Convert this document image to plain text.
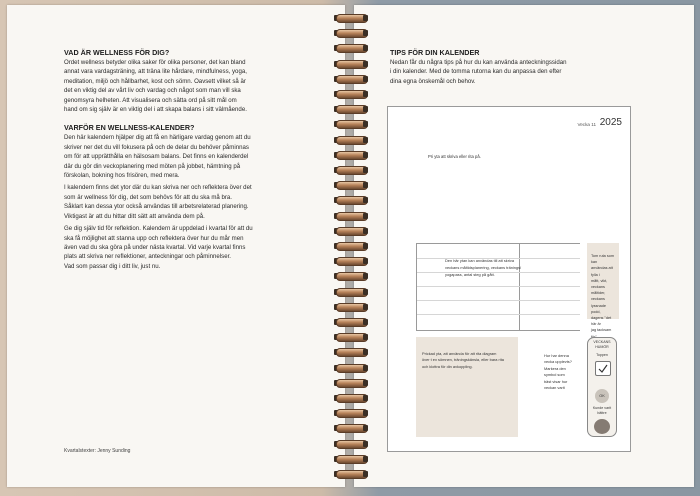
VAD ÄR WELLNESS FÖR DIG?

Ordet wellness betyder olika saker för olika personer, det kan bland
annat vara vardagsträning, att träna lite hårdare, mindfulness, yoga,
meditation, miljö och hållbarhet, kost och sömn. Oavsett vilket så är
det en viktig del av vårt liv och vardag och något som man vill ska
genomsyra helheten. Att visualisera och sätta ord på sitt mål om
hand om sig själv är en viktig del i att skapa balans i sitt välmående.

VARFÖR EN WELLNESS-KALENDER?

Den här kalendern hjälper dig att få en härligare vardag genom att du
skriver ner det du vill fokusera på och de delar du behöver påminnas
om för att upprätthålla en hälsosam balans. Det finns en kalenderdel
där du gör din veckoplanering med möten på jobbet, hämtning på
förskolan, bokning hos frisören, med mera.
I kalendern finns det ytor där du kan skriva ner och reflektera över det
som är wellness för dig, det som behövs för att du ska må bra.
Såklart kan dessa ytor också användas till arbetsrelaterad planering.
Viktigast är att du hittar ditt sätt att använda dem på.
Ge dig själv tid för reflektion. Kalendern är uppdelad i kvartal för att du
ska få möjlighet att stanna upp och reflektera över hur du mår men
även vad du ska göra på under nästa kvartal. Vid varje kvartal finns
plats att skriva ner reflektioner, anteckningar och påminnelser.
Vad som passar dig i ditt liv, just nu.
Kvartalstexter: Jenny Sunding

TIPS FÖR DIN KALENDER

Nedan får du några tips på hur du kan använda anteckningssidan
i din kalender. Med de tomma rutorna kan du anpassa den efter
dina egna önskemål och behov.
Vecka 11 2025
Pri yta att skriva eller rita på.
Den här ytan kan användas till att skriva
veckans måltidsplanering, veckans tränings/
yogapass, antal steg på gått.
Tom ruta som kan
användas att fylla i
mått, vikt, veckans
måltider, veckans
lyssnade podd,
dagens "det här är
jag tacksam
Prickad yta, att använda för att rita diagram
över t ex sömnen, träningskänsla, eller bara rita
och klottra för din avkoppling.
Hur har denna
vecka upplevts?
Markera den
symbol som
bäst visar hur
veckan varit
VECKANS
HUMÖR
Toppen
OK
Kunde varit
bättre
